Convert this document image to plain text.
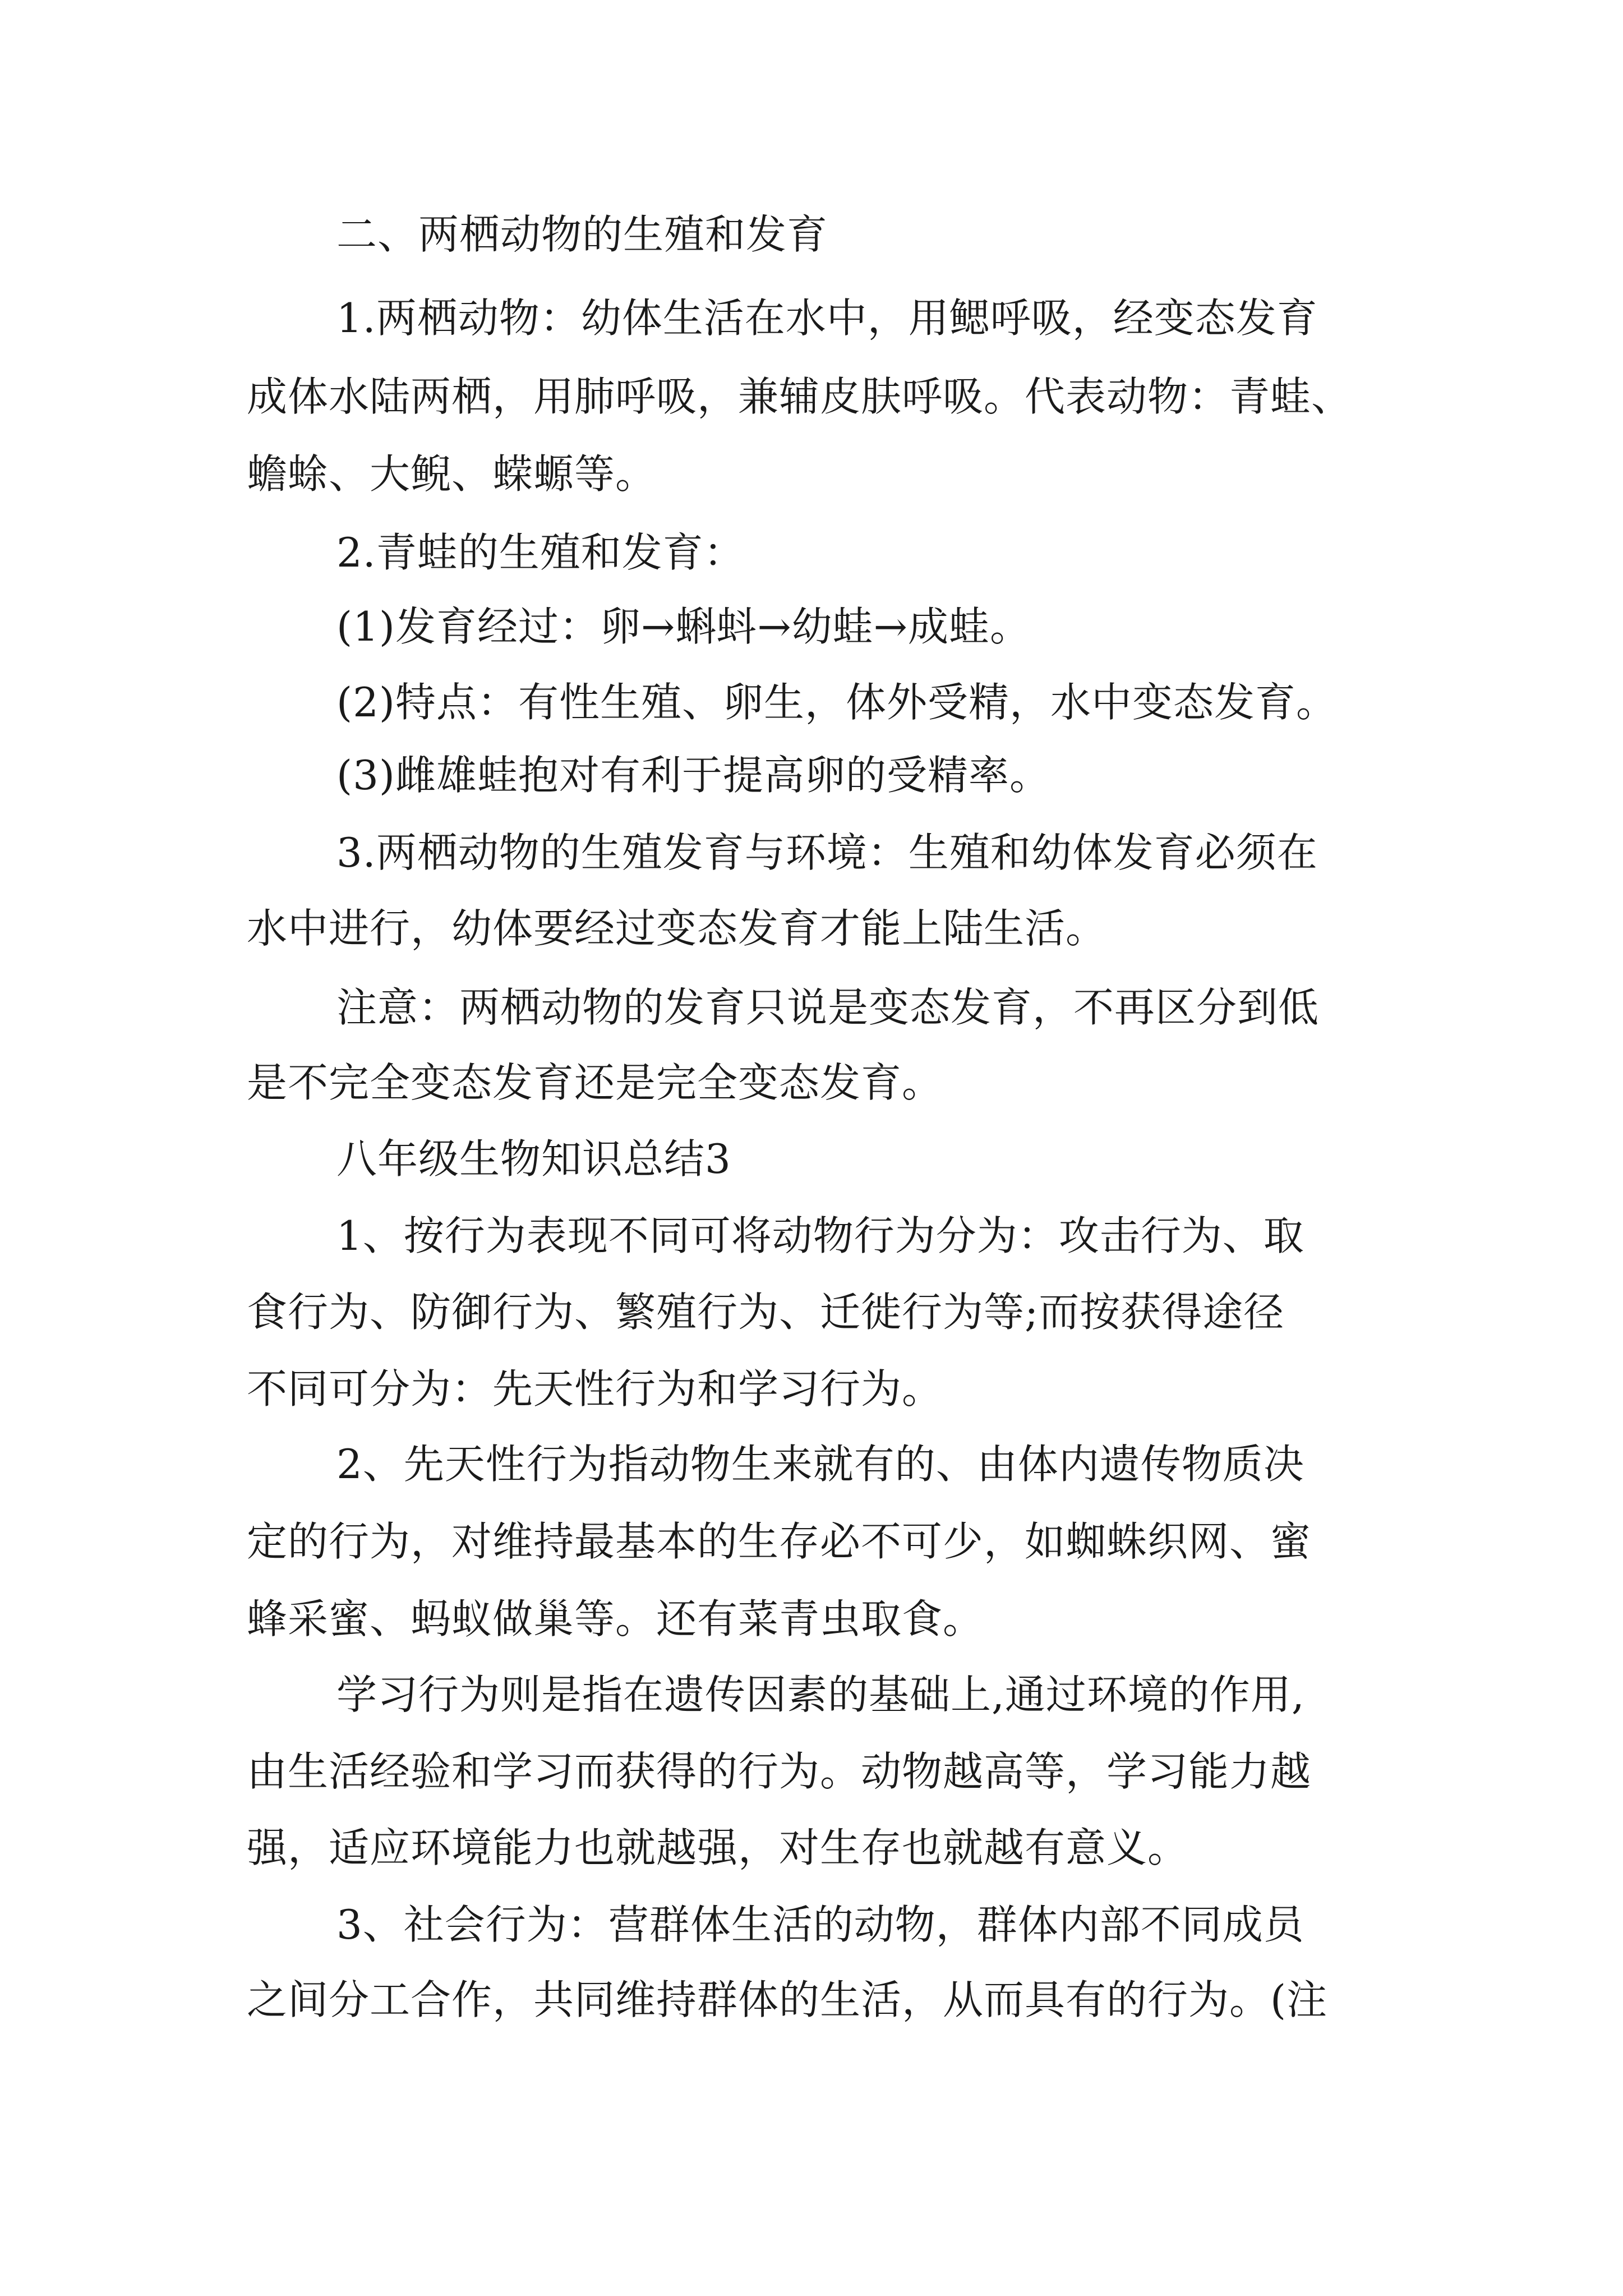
二、两栖动物的生殖和发育

1.两栖动物：幼体生活在水中，用鳃呼吸，经变态发育

成体水陆两栖，用肺呼吸，兼辅皮肤呼吸。代表动物：青蛙、

蟾蜍、大鲵、蝾螈等。

2.青蛙的生殖和发育：

(1)发育经过：卵→蝌蚪→幼蛙→成蛙。

(2)特点：有性生殖、卵生，体外受精，水中变态发育。

(3)雌雄蛙抱对有利于提高卵的受精率。

3.两栖动物的生殖发育与环境：生殖和幼体发育必须在

水中进行，幼体要经过变态发育才能上陆生活。

注意：两栖动物的发育只说是变态发育，不再区分到低

是不完全变态发育还是完全变态发育。

八年级生物知识总结3

1、按行为表现不同可将动物行为分为：攻击行为、取

食行为、防御行为、繁殖行为、迁徙行为等;而按获得途径

不同可分为：先天性行为和学习行为。

2、先天性行为指动物生来就有的、由体内遗传物质决

定的行为，对维持最基本的生存必不可少，如蜘蛛织网、蜜

蜂采蜜、蚂蚁做巢等。还有菜青虫取食。

学习行为则是指在遗传因素的基础上,通过环境的作用,

由生活经验和学习而获得的行为。动物越高等，学习能力越

强，适应环境能力也就越强，对生存也就越有意义。

3、社会行为：营群体生活的动物，群体内部不同成员

之间分工合作，共同维持群体的生活，从而具有的行为。(注
